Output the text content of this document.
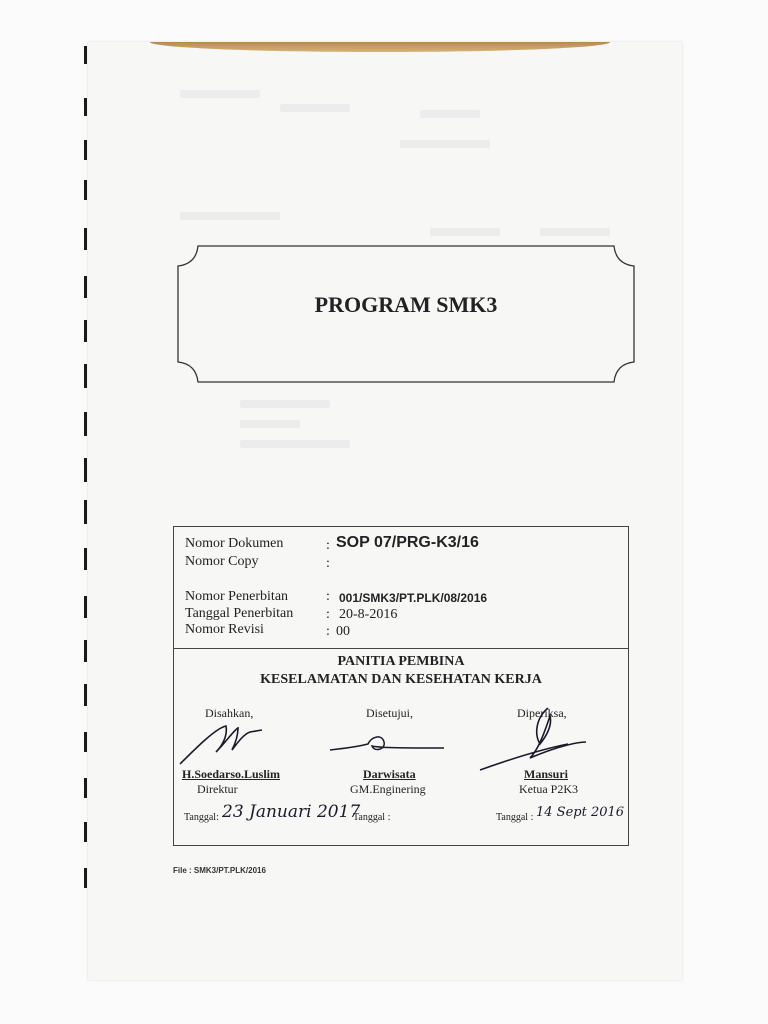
PROGRAM SMK3
Nomor Dokumen	: SOP 07/PRG-K3/16
Nomor Copy	:
Nomor Penerbitan	: 001/SMK3/PT.PLK/08/2016
Tanggal Penerbitan : 20-8-2016
Nomor Revisi	: 00
PANITIA PEMBINA
KESELAMATAN DAN KESEHATAN KERJA
Disahkan,
H.Soedarso.Luslim
Direktur
Tanggal: 23 Januari 2017
Disetujui,
Darwisata
GM.Enginering
Tanggal :
Diperiksa,
Mansuri
Ketua P2K3
Tanggal : 14 Sept 2016
File : SMK3/PT.PLK/2016
